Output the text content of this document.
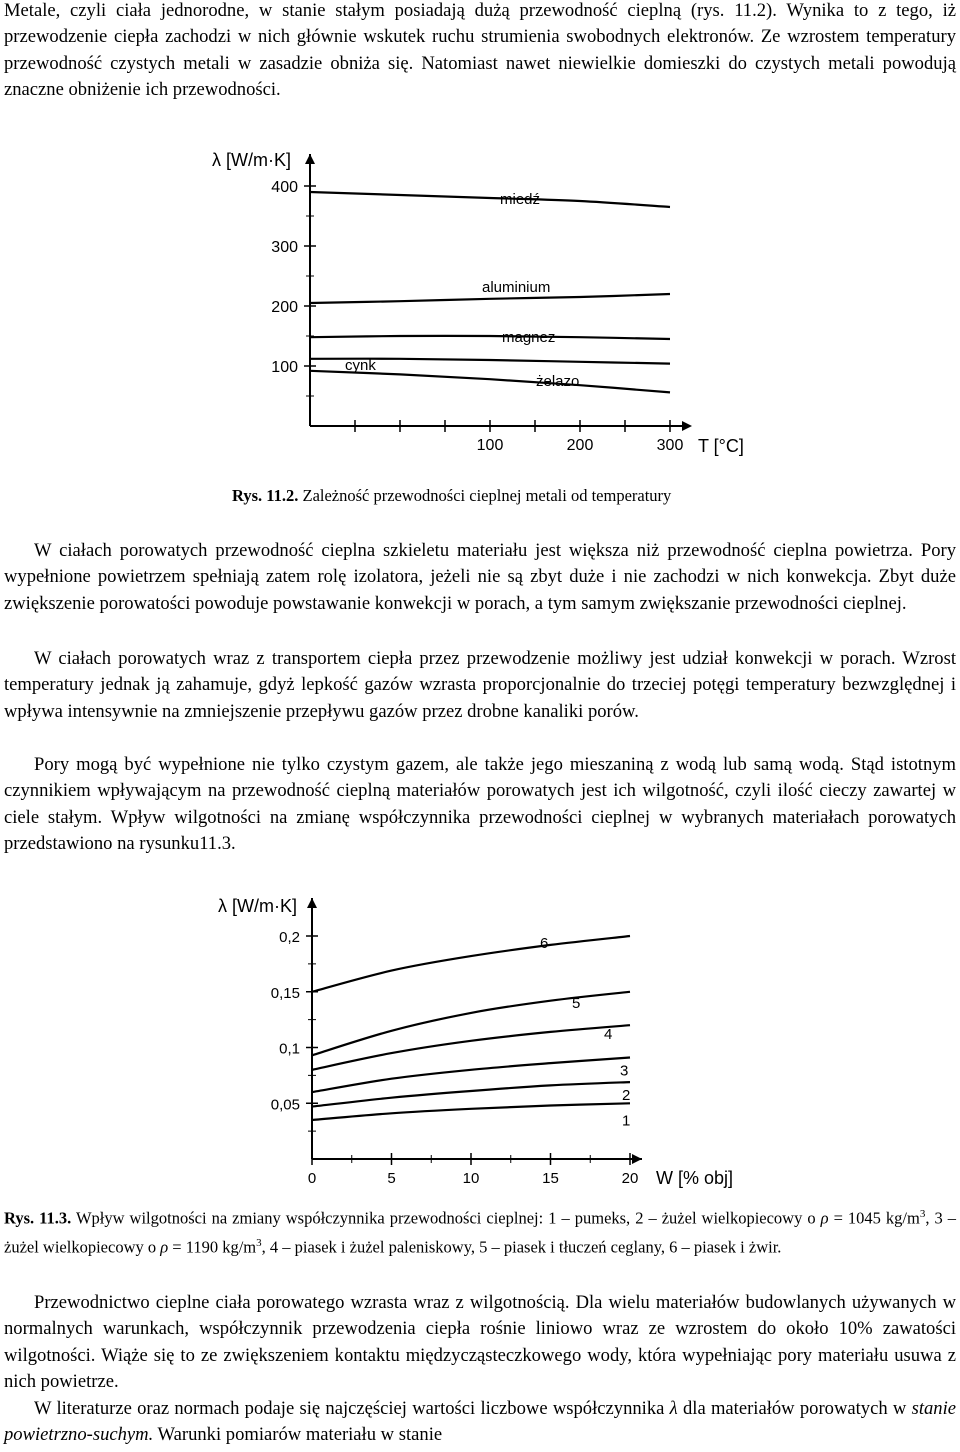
Metale, czyli ciała jednorodne, w stanie stałym posiadają dużą przewodność cieplną (rys. 11.2). Wynika to z tego, iż przewodzenie ciepła zachodzi w nich głównie wskutek ruchu strumienia swobodnych elektronów. Ze wzrostem temperatury przewodność czystych metali w zasadzie obniża się. Natomiast nawet niewielkie domieszki do czystych metali powodują znaczne obniżenie ich przewodności.

100
200
300
400
100	200	300
λ [W/m·K]
T [°C]
miedź
aluminium
magnez
cynk
żelazo

Rys. 11.2. Zależność przewodności cieplnej metali od temperatury

W ciałach porowatych przewodność cieplna szkieletu materiału jest większa niż przewodność cieplna powietrza. Pory wypełnione powietrzem spełniają zatem rolę izolatora, jeżeli nie są zbyt duże i nie zachodzi w nich konwekcja. Zbyt duże zwiększenie porowatości powoduje powstawanie konwekcji w porach, a tym samym zwiększanie przewodności cieplnej.

W ciałach porowatych wraz z transportem ciepła przez przewodzenie możliwy jest udział konwekcji w porach. Wzrost temperatury jednak ją zahamuje, gdyż lepkość gazów wzrasta proporcjonalnie do trzeciej potęgi temperatury bezwzględnej i wpływa intensywnie na zmniejszenie przepływu gazów przez drobne kanaliki porów.

Pory mogą być wypełnione nie tylko czystym gazem, ale także jego mieszaniną z wodą lub samą wodą. Stąd istotnym czynnikiem wpływającym na przewodność cieplną materiałów porowatych jest ich wilgotność, czyli ilość cieczy zawartej w ciele stałym. Wpływ wilgotności na zmianę współczynnika przewodności cieplnej w wybranych materiałach porowatych przedstawiono na rysunku11.3.

0,05
0,1
0,15
0,2
0	5	10	15	20
1
2
3
4
5
6
λ [W/m·K]
W [% obj]

Rys. 11.3. Wpływ wilgotności na zmiany współczynnika przewodności cieplnej: 1 – pumeks, 2 – żużel wielkopiecowy o ρ = 1045 $kg/m^3$, 3 – żużel wielkopiecowy o ρ = 1190 $kg/m^3$, 4 – piasek i żużel paleniskowy, 5 – piasek i tłuczeń ceglany, 6 – piasek i żwir.

Przewodnictwo cieplne ciała porowatego wzrasta wraz z wilgotnością. Dla wielu materiałów budowlanych używanych w normalnych warunkach, współczynnik przewodzenia ciepła rośnie liniowo wraz ze wzrostem do około 10% zawatości wilgotności. Wiąże się to ze zwiększeniem kontaktu międzycząsteczkowego wody, która wypełniając pory materiału usuwa z nich powietrze.

W literaturze oraz normach podaje się najczęściej wartości liczbowe współczynnika λ dla materiałów porowatych w stanie powietrzno-suchym. Warunki pomiarów materiału w stanie
